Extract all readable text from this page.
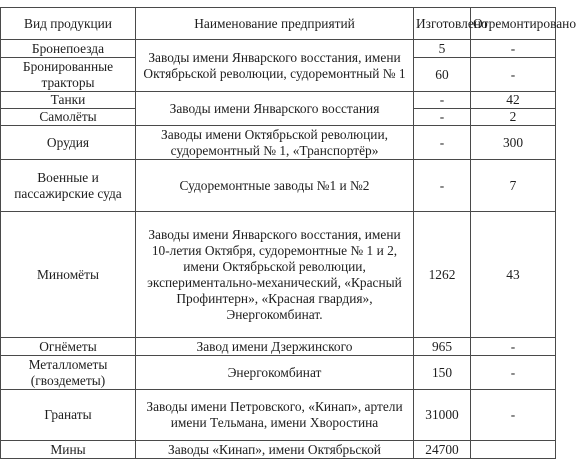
Вид продукции	Наименование предприятий	Изготовлено	Отремонтировано
Бронепоезда	Заводы имени Январского восстания, имени Октябрьской революции, судоремонтный № 1	5	-
Бронированные тракторы		60	-
Танки	Заводы имени Январского восстания	-	42
Самолёты		-	2
Орудия	Заводы имени Октябрьской революции, судоремонтный № 1, «Транспортёр»	-	300
Военные и пассажирские суда	Судоремонтные заводы №1 и №2	-	7
Миномёты	Заводы имени Январского восстания, имени 10-летия Октября, судоремонтные № 1 и 2, имени Октябрьской революции, экспериментально-механический, «Красный Профинтерн», «Красная гвардия», Энергокомбинат.	1262	43
Огнёметы	Завод имени Дзержинского	965	-
Металлометы (гвоздеметы)	Энергокомбинат	150	-
Гранаты	Заводы имени Петровского, «Кинап», артели имени Тельмана, имени Хворостина	31000	-
Мины	Заводы «Кинап», имени Октябрьской	24700	
